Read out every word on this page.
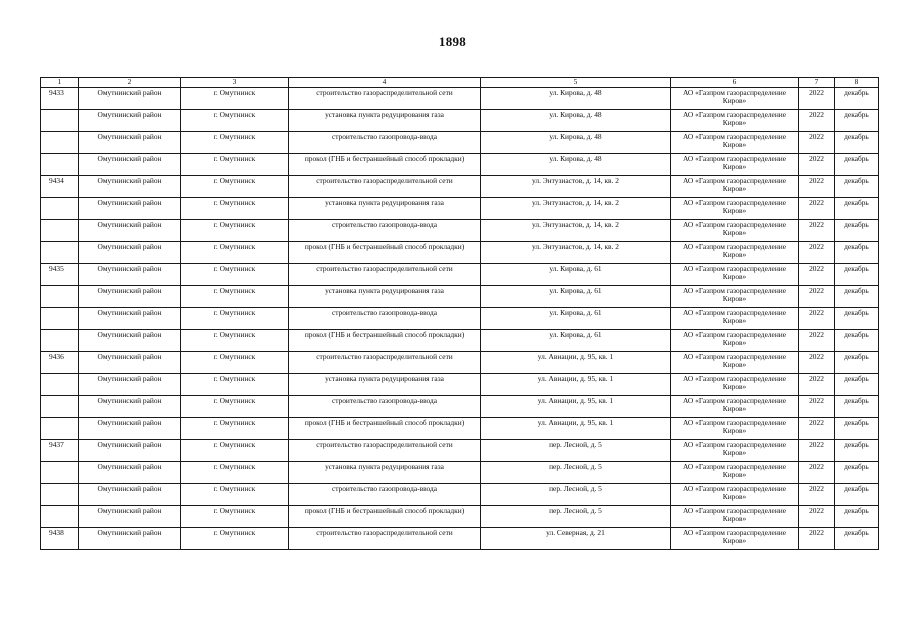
1898
1	2	3	4	5	6	7	8
9433	Омутнинский район	г. Омутнинск	строительство газораспределительной сети	ул. Кирова, д. 48	АО «Газпром газораспределение Киров»	2022	декабрь
	Омутнинский район	г. Омутнинск	установка пункта редуцирования газа	ул. Кирова, д. 48	АО «Газпром газораспределение Киров»	2022	декабрь
	Омутнинский район	г. Омутнинск	строительство газопровода-ввода	ул. Кирова, д. 48	АО «Газпром газораспределение Киров»	2022	декабрь
	Омутнинский район	г. Омутнинск	прокол (ГНБ и бестраншейный способ прокладки)	ул. Кирова, д. 48	АО «Газпром газораспределение Киров»	2022	декабрь
9434	Омутнинский район	г. Омутнинск	строительство газораспределительной сети	ул. Энтузиастов, д. 14, кв. 2	АО «Газпром газораспределение Киров»	2022	декабрь
	Омутнинский район	г. Омутнинск	установка пункта редуцирования газа	ул. Энтузиастов, д. 14, кв. 2	АО «Газпром газораспределение Киров»	2022	декабрь
	Омутнинский район	г. Омутнинск	строительство газопровода-ввода	ул. Энтузиастов, д. 14, кв. 2	АО «Газпром газораспределение Киров»	2022	декабрь
	Омутнинский район	г. Омутнинск	прокол (ГНБ и бестраншейный способ прокладки)	ул. Энтузиастов, д. 14, кв. 2	АО «Газпром газораспределение Киров»	2022	декабрь
9435	Омутнинский район	г. Омутнинск	строительство газораспределительной сети	ул. Кирова, д. 61	АО «Газпром газораспределение Киров»	2022	декабрь
	Омутнинский район	г. Омутнинск	установка пункта редуцирования газа	ул. Кирова, д. 61	АО «Газпром газораспределение Киров»	2022	декабрь
	Омутнинский район	г. Омутнинск	строительство газопровода-ввода	ул. Кирова, д. 61	АО «Газпром газораспределение Киров»	2022	декабрь
	Омутнинский район	г. Омутнинск	прокол (ГНБ и бестраншейный способ прокладки)	ул. Кирова, д. 61	АО «Газпром газораспределение Киров»	2022	декабрь
9436	Омутнинский район	г. Омутнинск	строительство газораспределительной сети	ул. Авиации, д. 95, кв. 1	АО «Газпром газораспределение Киров»	2022	декабрь
	Омутнинский район	г. Омутнинск	установка пункта редуцирования газа	ул. Авиации, д. 95, кв. 1	АО «Газпром газораспределение Киров»	2022	декабрь
	Омутнинский район	г. Омутнинск	строительство газопровода-ввода	ул. Авиации, д. 95, кв. 1	АО «Газпром газораспределение Киров»	2022	декабрь
	Омутнинский район	г. Омутнинск	прокол (ГНБ и бестраншейный способ прокладки)	ул. Авиации, д. 95, кв. 1	АО «Газпром газораспределение Киров»	2022	декабрь
9437	Омутнинский район	г. Омутнинск	строительство газораспределительной сети	пер. Лесной, д. 5	АО «Газпром газораспределение Киров»	2022	декабрь
	Омутнинский район	г. Омутнинск	установка пункта редуцирования газа	пер. Лесной, д. 5	АО «Газпром газораспределение Киров»	2022	декабрь
	Омутнинский район	г. Омутнинск	строительство газопровода-ввода	пер. Лесной, д. 5	АО «Газпром газораспределение Киров»	2022	декабрь
	Омутнинский район	г. Омутнинск	прокол (ГНБ и бестраншейный способ прокладки)	пер. Лесной, д. 5	АО «Газпром газораспределение Киров»	2022	декабрь
9438	Омутнинский район	г. Омутнинск	строительство газораспределительной сети	ул. Северная, д. 21	АО «Газпром газораспределение Киров»	2022	декабрь
